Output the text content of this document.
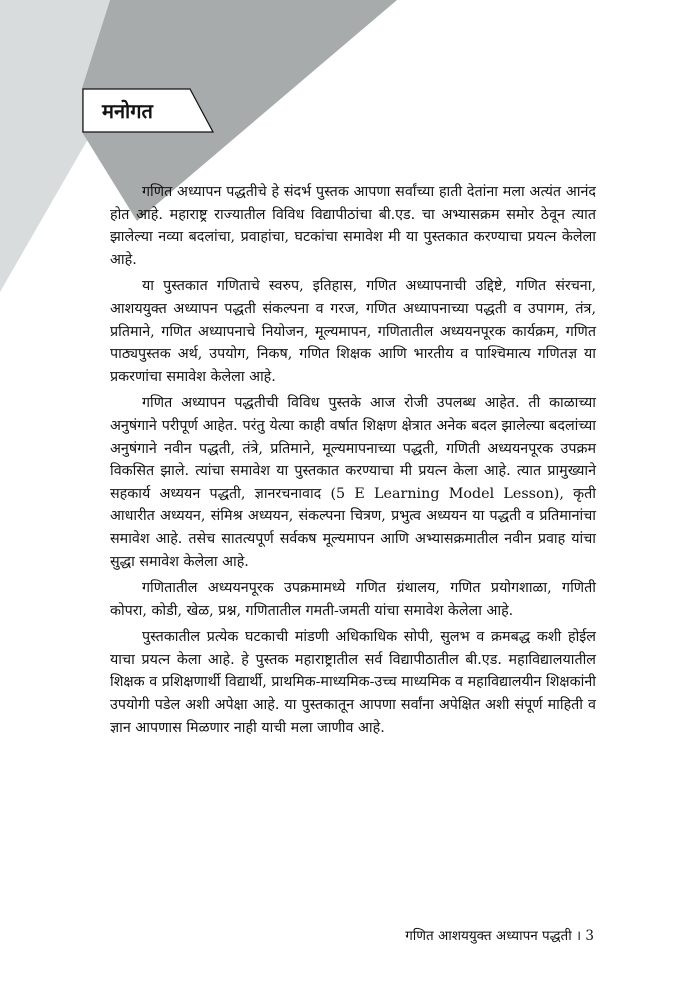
मनोगत

गणित अध्यापन पद्धतीचे हे संदर्भ पुस्तक आपणा सर्वांच्या हाती देतांना मला अत्यंत आनंद होत आहे. महाराष्ट्र राज्यातील विविध विद्यापीठांचा बी.एड. चा अभ्यासक्रम समोर ठेवून त्यात झालेल्या नव्या बदलांचा, प्रवाहांचा, घटकांचा समावेश मी या पुस्तकात करण्याचा प्रयत्न केलेला आहे.

या पुस्तकात गणिताचे स्वरुप, इतिहास, गणित अध्यापनाची उद्दिष्टे, गणित संरचना, आशययुक्त अध्यापन पद्धती संकल्पना व गरज, गणित अध्यापनाच्या पद्धती व उपागम, तंत्र, प्रतिमाने, गणित अध्यापनाचे नियोजन, मूल्यमापन, गणितातील अध्ययनपूरक कार्यक्रम, गणित पाठ्यपुस्तक अर्थ, उपयोग, निकष, गणित शिक्षक आणि भारतीय व पाश्चिमात्य गणितज्ञ या प्रकरणांचा समावेश केलेला आहे.

गणित अध्यापन पद्धतीची विविध पुस्तके आज रोजी उपलब्ध आहेत. ती काळाच्या अनुषंगाने परीपूर्ण आहेत. परंतु येत्या काही वर्षात शिक्षण क्षेत्रात अनेक बदल झालेल्या बदलांच्या अनुषंगाने नवीन पद्धती, तंत्रे, प्रतिमाने, मूल्यमापनाच्या पद्धती, गणिती अध्ययनपूरक उपक्रम विकसित झाले. त्यांचा समावेश या पुस्तकात करण्याचा मी प्रयत्न केला आहे. त्यात प्रामुख्याने सहकार्य अध्ययन पद्धती, ज्ञानरचनावाद (5 E Learning Model Lesson), कृती आधारीत अध्ययन, संमिश्र अध्ययन, संकल्पना चित्रण, प्रभुत्व अध्ययन या पद्धती व प्रतिमानांचा समावेश आहे. तसेच सातत्यपूर्ण सर्वकष मूल्यमापन आणि अभ्यासक्रमातील नवीन प्रवाह यांचा सुद्धा समावेश केलेला आहे.

गणितातील अध्ययनपूरक उपक्रमामध्ये गणित ग्रंथालय, गणित प्रयोगशाळा, गणिती कोपरा, कोडी, खेळ, प्रश्न, गणितातील गमती-जमती यांचा समावेश केलेला आहे.

पुस्तकातील प्रत्येक घटकाची मांडणी अधिकाधिक सोपी, सुलभ व क्रमबद्ध कशी होईल याचा प्रयत्न केला आहे. हे पुस्तक महाराष्ट्रातील सर्व विद्यापीठातील बी.एड. महाविद्यालयातील शिक्षक व प्रशिक्षणार्थी विद्यार्थी, प्राथमिक-माध्यमिक-उच्च माध्यमिक व महाविद्यालयीन शिक्षकांनी उपयोगी पडेल अशी अपेक्षा आहे. या पुस्तकातून आपणा सर्वांना अपेक्षित अशी संपूर्ण माहिती व ज्ञान आपणास मिळणार नाही याची मला जाणीव आहे.

गणित आशययुक्त अध्यापन पद्धती । 3
